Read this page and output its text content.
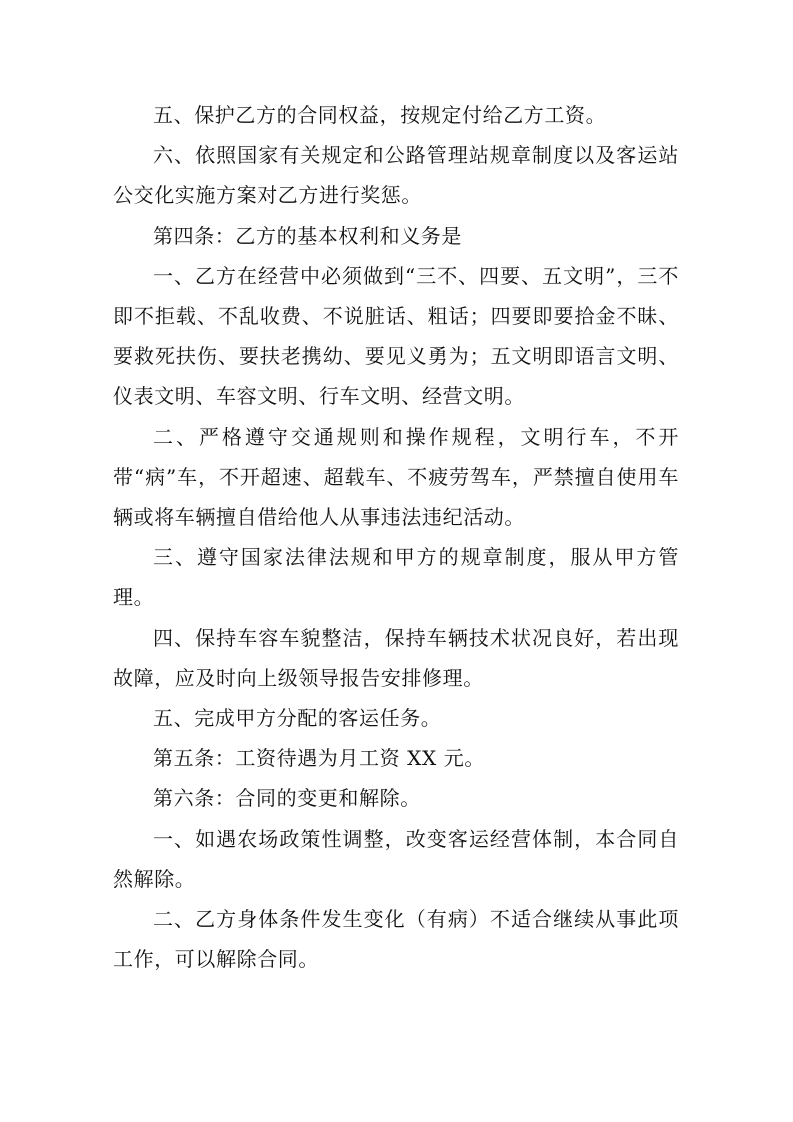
五、保护乙方的合同权益，按规定付给乙方工资。

六、依照国家有关规定和公路管理站规章制度以及客运站公交化实施方案对乙方进行奖惩。

第四条：乙方的基本权利和义务是

一、乙方在经营中必须做到“三不、四要、五文明”，三不即不拒载、不乱收费、不说脏话、粗话；四要即要拾金不昧、要救死扶伤、要扶老携幼、要见义勇为；五文明即语言文明、仪表文明、车容文明、行车文明、经营文明。

二、严格遵守交通规则和操作规程，文明行车，不开带“病”车，不开超速、超载车、不疲劳驾车，严禁擅自使用车辆或将车辆擅自借给他人从事违法违纪活动。

三、遵守国家法律法规和甲方的规章制度，服从甲方管理。

四、保持车容车貌整洁，保持车辆技术状况良好，若出现故障，应及时向上级领导报告安排修理。

五、完成甲方分配的客运任务。

第五条：工资待遇为月工资 XX 元。

第六条：合同的变更和解除。

一、如遇农场政策性调整，改变客运经营体制，本合同自然解除。

二、乙方身体条件发生变化（有病）不适合继续从事此项工作，可以解除合同。
